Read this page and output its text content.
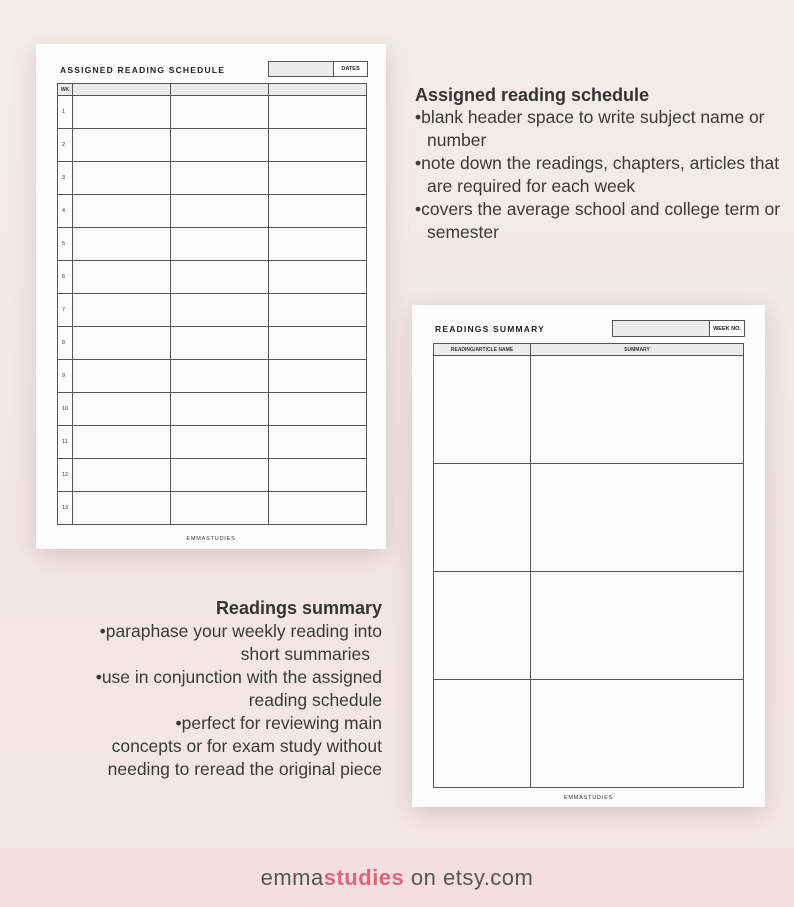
ASSIGNED READING SCHEDULE	DATES
WK			
1			
2			
3			
4			
5			
6			
7			
8			
9			
10			
11			
12			
13			
EMMASTUDIES
READINGS SUMMARY	WEEK NO.
READING/ARTICLE NAME	SUMMARY

EMMASTUDIES
Assigned reading schedule
•blank header space to write subject name or number
•note down the readings, chapters, articles that are required for each week
•covers the average school and college term or semester
Readings summary
•paraphase your weekly reading into
short summaries
•use in conjunction with the assigned
reading schedule
•perfect for reviewing main
concepts or for exam study without
needing to reread the original piece
emma studies on etsy.com
